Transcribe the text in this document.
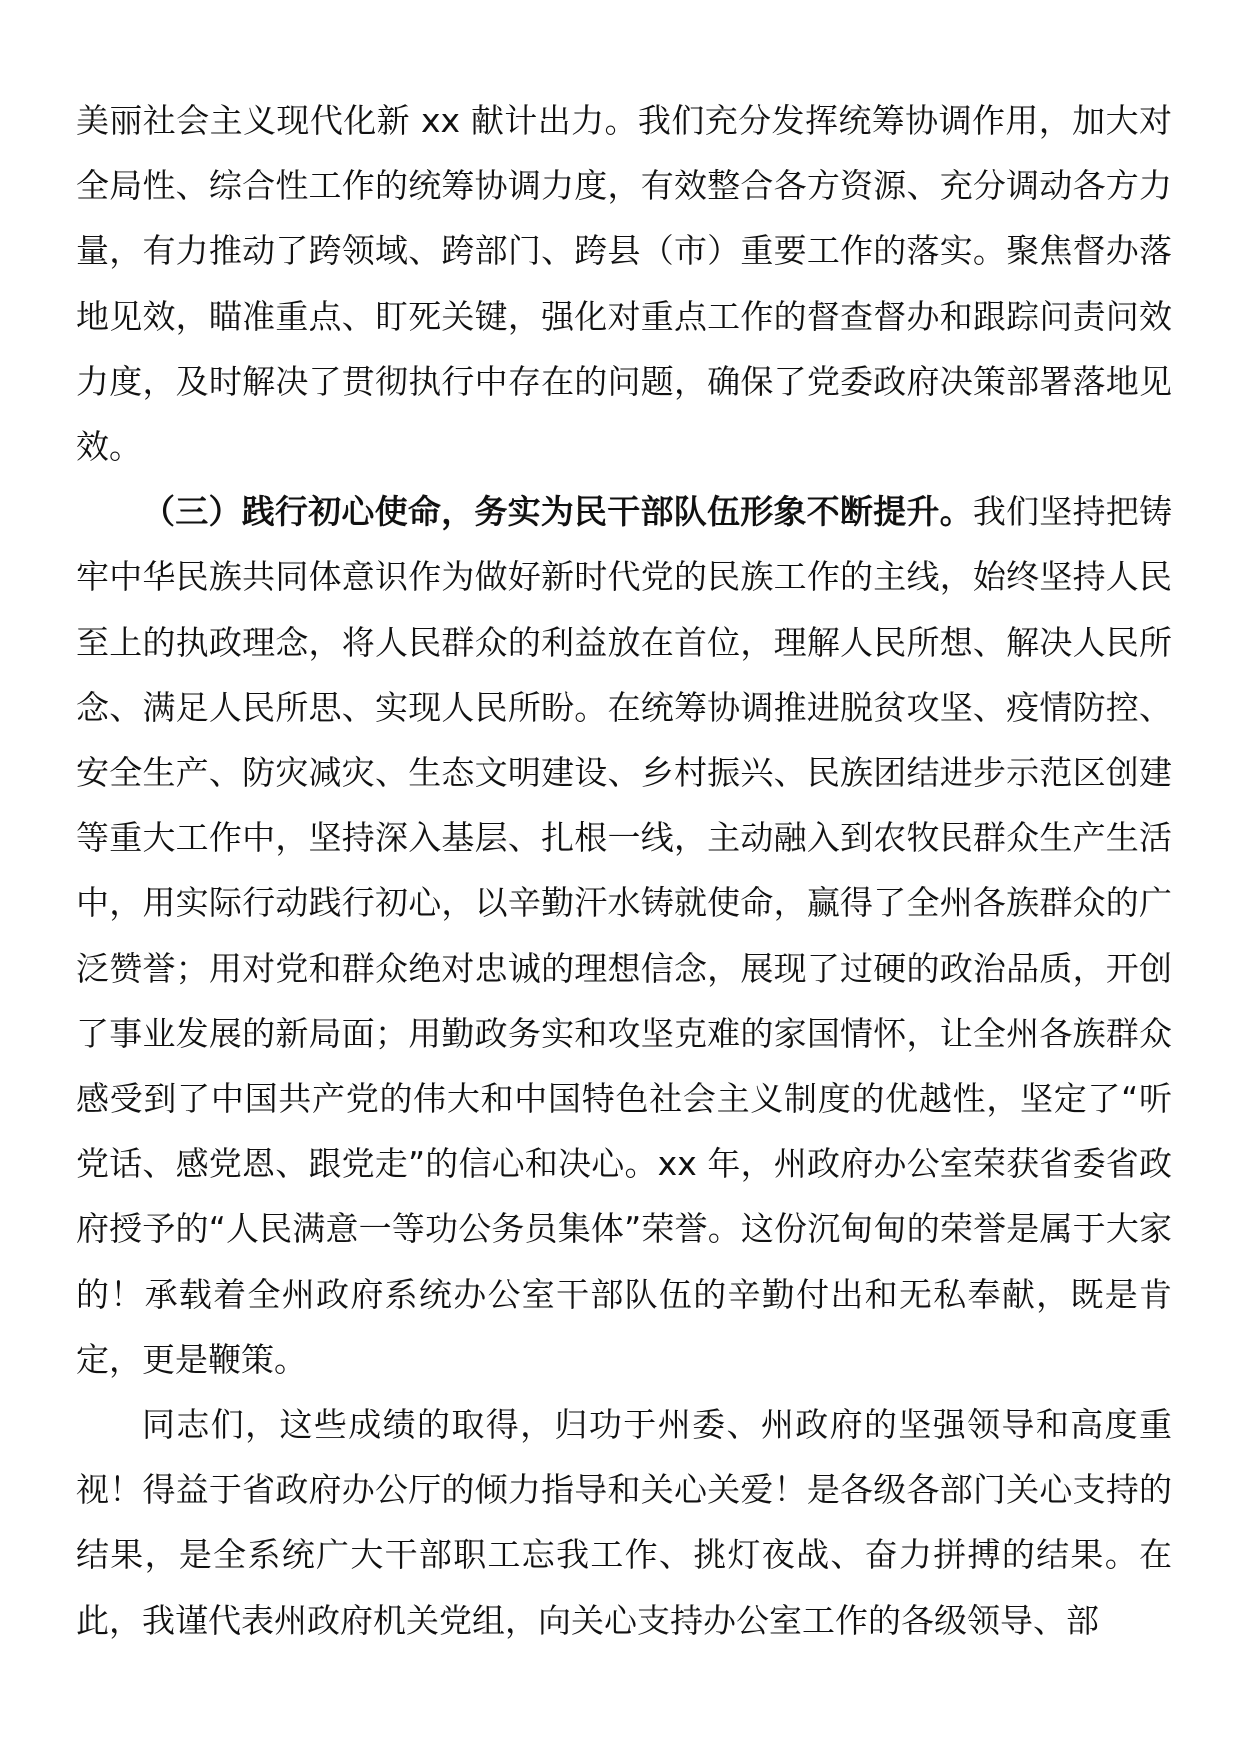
美丽社会主义现代化新 xx 献计出力。我们充分发挥统筹协调作用，加大对全局性、综合性工作的统筹协调力度，有效整合各方资源、充分调动各方力量，有力推动了跨领域、跨部门、跨县（市）重要工作的落实。聚焦督办落地见效，瞄准重点、盯死关键，强化对重点工作的督查督办和跟踪问责问效力度，及时解决了贯彻执行中存在的问题，确保了党委政府决策部署落地见效。

（三）践行初心使命，务实为民干部队伍形象不断提升。我们坚持把铸牢中华民族共同体意识作为做好新时代党的民族工作的主线，始终坚持人民至上的执政理念，将人民群众的利益放在首位，理解人民所想、解决人民所念、满足人民所思、实现人民所盼。在统筹协调推进脱贫攻坚、疫情防控、安全生产、防灾减灾、生态文明建设、乡村振兴、民族团结进步示范区创建等重大工作中，坚持深入基层、扎根一线，主动融入到农牧民群众生产生活中，用实际行动践行初心，以辛勤汗水铸就使命，赢得了全州各族群众的广泛赞誉；用对党和群众绝对忠诚的理想信念，展现了过硬的政治品质，开创了事业发展的新局面；用勤政务实和攻坚克难的家国情怀，让全州各族群众感受到了中国共产党的伟大和中国特色社会主义制度的优越性，坚定了“听党话、感党恩、跟党走”的信心和决心。xx 年，州政府办公室荣获省委省政府授予的“人民满意一等功公务员集体”荣誉。这份沉甸甸的荣誉是属于大家的！承载着全州政府系统办公室干部队伍的辛勤付出和无私奉献，既是肯定，更是鞭策。

同志们，这些成绩的取得，归功于州委、州政府的坚强领导和高度重视！得益于省政府办公厅的倾力指导和关心关爱！是各级各部门关心支持的结果，是全系统广大干部职工忘我工作、挑灯夜战、奋力拼搏的结果。在此，我谨代表州政府机关党组，向关心支持办公室工作的各级领导、部
